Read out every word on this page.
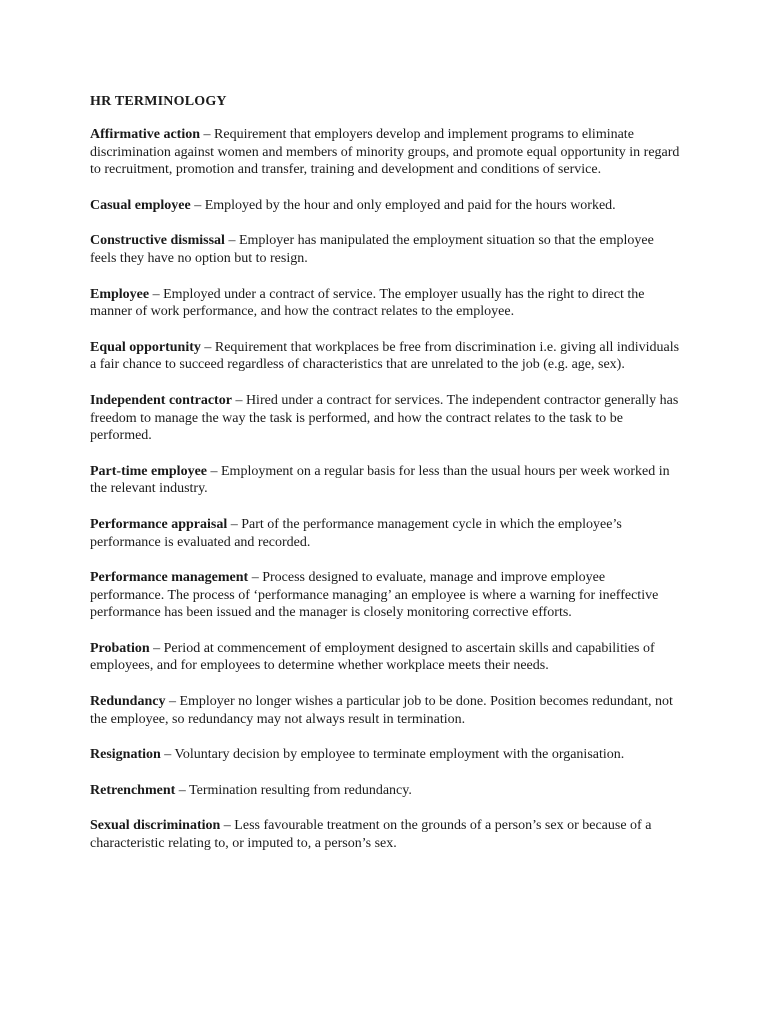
HR TERMINOLOGY

Affirmative action – Requirement that employers develop and implement programs to eliminate discrimination against women and members of minority groups, and promote equal opportunity in regard to recruitment, promotion and transfer, training and development and conditions of service.

Casual employee – Employed by the hour and only employed and paid for the hours worked.

Constructive dismissal – Employer has manipulated the employment situation so that the employee feels they have no option but to resign.

Employee – Employed under a contract of service. The employer usually has the right to direct the manner of work performance, and how the contract relates to the employee.

Equal opportunity – Requirement that workplaces be free from discrimination i.e. giving all individuals a fair chance to succeed regardless of characteristics that are unrelated to the job (e.g. age, sex).

Independent contractor – Hired under a contract for services. The independent contractor generally has freedom to manage the way the task is performed, and how the contract relates to the task to be performed.

Part-time employee – Employment on a regular basis for less than the usual hours per week worked in the relevant industry.

Performance appraisal – Part of the performance management cycle in which the employee’s performance is evaluated and recorded.

Performance management – Process designed to evaluate, manage and improve employee performance. The process of ‘performance managing’ an employee is where a warning for ineffective performance has been issued and the manager is closely monitoring corrective efforts.

Probation – Period at commencement of employment designed to ascertain skills and capabilities of employees, and for employees to determine whether workplace meets their needs.

Redundancy – Employer no longer wishes a particular job to be done. Position becomes redundant, not the employee, so redundancy may not always result in termination.

Resignation – Voluntary decision by employee to terminate employment with the organisation.

Retrenchment – Termination resulting from redundancy.

Sexual discrimination – Less favourable treatment on the grounds of a person’s sex or because of a characteristic relating to, or imputed to, a person’s sex.
